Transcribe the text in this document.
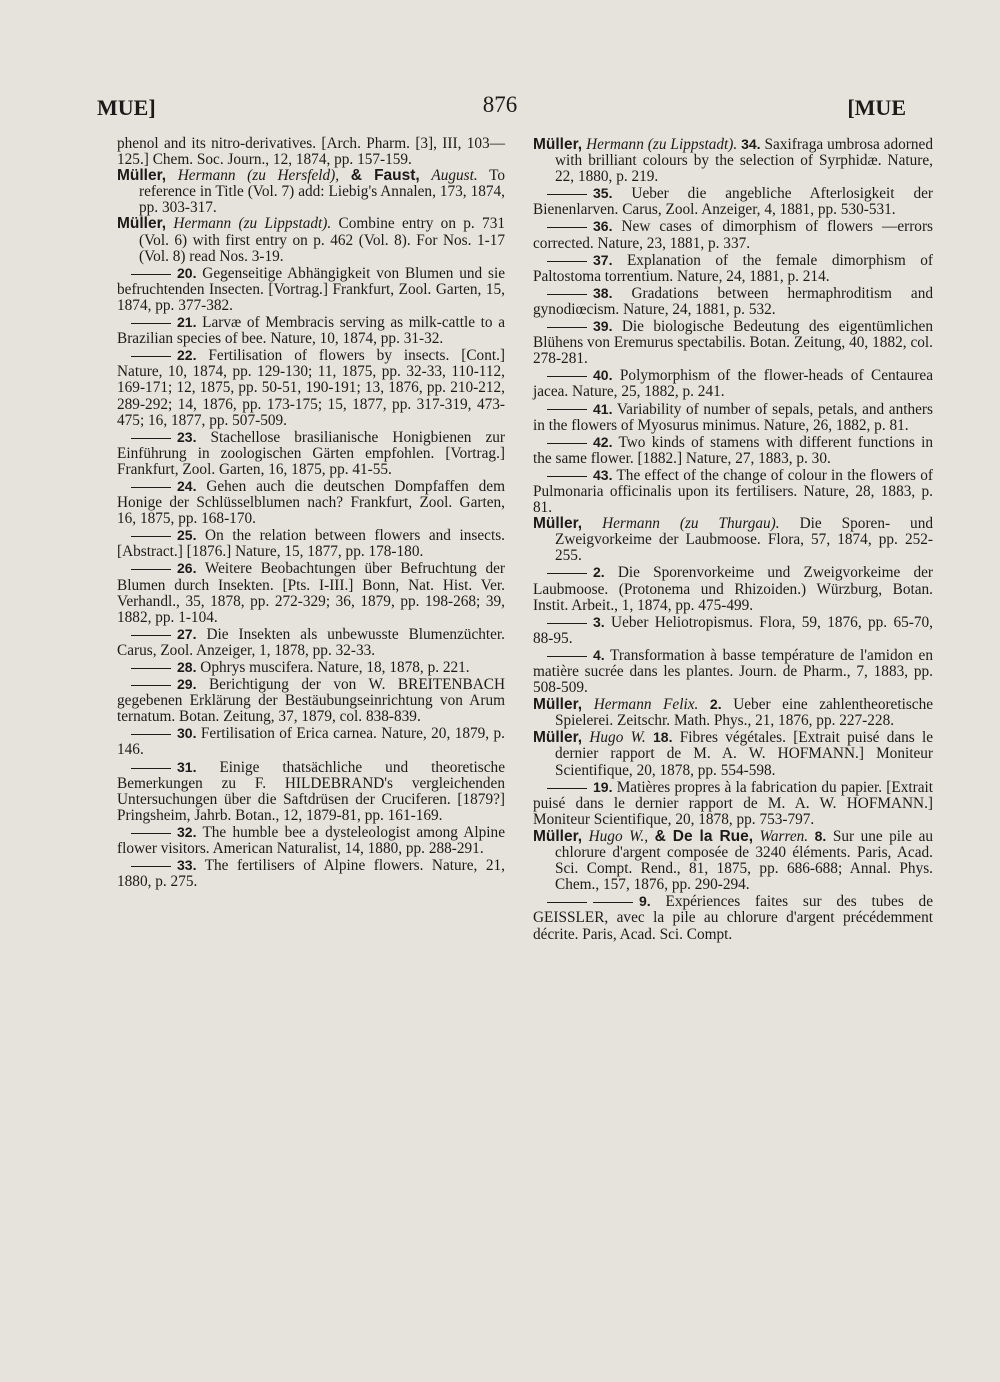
MUE]	876	[MUE

phenol and its nitro-derivatives. [Arch. Pharm. [3], III, 103—125.] Chem. Soc. Journ., 12, 1874, pp. 157-159.

Müller, Hermann (zu Hersfeld), & Faust, August. To reference in Title (Vol. 7) add: Liebig's Annalen, 173, 1874, pp. 303-317.

Müller, Hermann (zu Lippstadt). Combine entry on p. 731 (Vol. 6) with first entry on p. 462 (Vol. 8). For Nos. 1-17 (Vol. 8) read Nos. 3-19.

20. Gegenseitige Abhängigkeit von Blumen und sie befruchtenden Insecten. [Vortrag.] Frankfurt, Zool. Garten, 15, 1874, pp. 377-382.

21. Larvæ of Membracis serving as milk-cattle to a Brazilian species of bee. Nature, 10, 1874, pp. 31-32.

22. Fertilisation of flowers by insects. [Cont.] Nature, 10, 1874, pp. 129-130; 11, 1875, pp. 32-33, 110-112, 169-171; 12, 1875, pp. 50-51, 190-191; 13, 1876, pp. 210-212, 289-292; 14, 1876, pp. 173-175; 15, 1877, pp. 317-319, 473-475; 16, 1877, pp. 507-509.

23. Stachellose brasilianische Honigbienen zur Einführung in zoologischen Gärten empfohlen. [Vortrag.] Frankfurt, Zool. Garten, 16, 1875, pp. 41-55.

24. Gehen auch die deutschen Dompfaffen dem Honige der Schlüsselblumen nach? Frankfurt, Zool. Garten, 16, 1875, pp. 168-170.

25. On the relation between flowers and insects. [Abstract.] [1876.] Nature, 15, 1877, pp. 178-180.

26. Weitere Beobachtungen über Befruchtung der Blumen durch Insekten. [Pts. I-III.] Bonn, Nat. Hist. Ver. Verhandl., 35, 1878, pp. 272-329; 36, 1879, pp. 198-268; 39, 1882, pp. 1-104.

27. Die Insekten als unbewusste Blumenzüchter. Carus, Zool. Anzeiger, 1, 1878, pp. 32-33.

28. Ophrys muscifera. Nature, 18, 1878, p. 221.

29. Berichtigung der von W. BREITENBACH gegebenen Erklärung der Bestäubungseinrichtung von Arum ternatum. Botan. Zeitung, 37, 1879, col. 838-839.

30. Fertilisation of Erica carnea. Nature, 20, 1879, p. 146.

31. Einige thatsächliche und theoretische Bemerkungen zu F. HILDEBRAND's vergleichenden Untersuchungen über die Saftdrüsen der Cruciferen. [1879?] Pringsheim, Jahrb. Botan., 12, 1879-81, pp. 161-169.

32. The humble bee a dysteleologist among Alpine flower visitors. American Naturalist, 14, 1880, pp. 288-291.

33. The fertilisers of Alpine flowers. Nature, 21, 1880, p. 275.

Müller, Hermann (zu Lippstadt). 34. Saxifraga umbrosa adorned with brilliant colours by the selection of Syrphidæ. Nature, 22, 1880, p. 219.

35. Ueber die angebliche Afterlosigkeit der Bienenlarven. Carus, Zool. Anzeiger, 4, 1881, pp. 530-531.

36. New cases of dimorphism of flowers —errors corrected. Nature, 23, 1881, p. 337.

37. Explanation of the female dimorphism of Paltostoma torrentium. Nature, 24, 1881, p. 214.

38. Gradations between hermaphroditism and gynodiœcism. Nature, 24, 1881, p. 532.

39. Die biologische Bedeutung des eigentümlichen Blühens von Eremurus spectabilis. Botan. Zeitung, 40, 1882, col. 278-281.

40. Polymorphism of the flower-heads of Centaurea jacea. Nature, 25, 1882, p. 241.

41. Variability of number of sepals, petals, and anthers in the flowers of Myosurus minimus. Nature, 26, 1882, p. 81.

42. Two kinds of stamens with different functions in the same flower. [1882.] Nature, 27, 1883, p. 30.

43. The effect of the change of colour in the flowers of Pulmonaria officinalis upon its fertilisers. Nature, 28, 1883, p. 81.

Müller, Hermann (zu Thurgau). Die Sporen- und Zweigvorkeime der Laubmoose. Flora, 57, 1874, pp. 252-255.

2. Die Sporenvorkeime und Zweigvorkeime der Laubmoose. (Protonema und Rhizoiden.) Würzburg, Botan. Instit. Arbeit., 1, 1874, pp. 475-499.

3. Ueber Heliotropismus. Flora, 59, 1876, pp. 65-70, 88-95.

4. Transformation à basse température de l'amidon en matière sucrée dans les plantes. Journ. de Pharm., 7, 1883, pp. 508-509.

Müller, Hermann Felix. 2. Ueber eine zahlentheoretische Spielerei. Zeitschr. Math. Phys., 21, 1876, pp. 227-228.

Müller, Hugo W. 18. Fibres végétales. [Extrait puisé dans le dernier rapport de M. A. W. HOFMANN.] Moniteur Scientifique, 20, 1878, pp. 554-598.

19. Matières propres à la fabrication du papier. [Extrait puisé dans le dernier rapport de M. A. W. HOFMANN.] Moniteur Scientifique, 20, 1878, pp. 753-797.

Müller, Hugo W., & De la Rue, Warren. 8. Sur une pile au chlorure d'argent composée de 3240 éléments. Paris, Acad. Sci. Compt. Rend., 81, 1875, pp. 686-688; Annal. Phys. Chem., 157, 1876, pp. 290-294.

9. Expériences faites sur des tubes de GEISSLER, avec la pile au chlorure d'argent précédemment décrite. Paris, Acad. Sci. Compt.
